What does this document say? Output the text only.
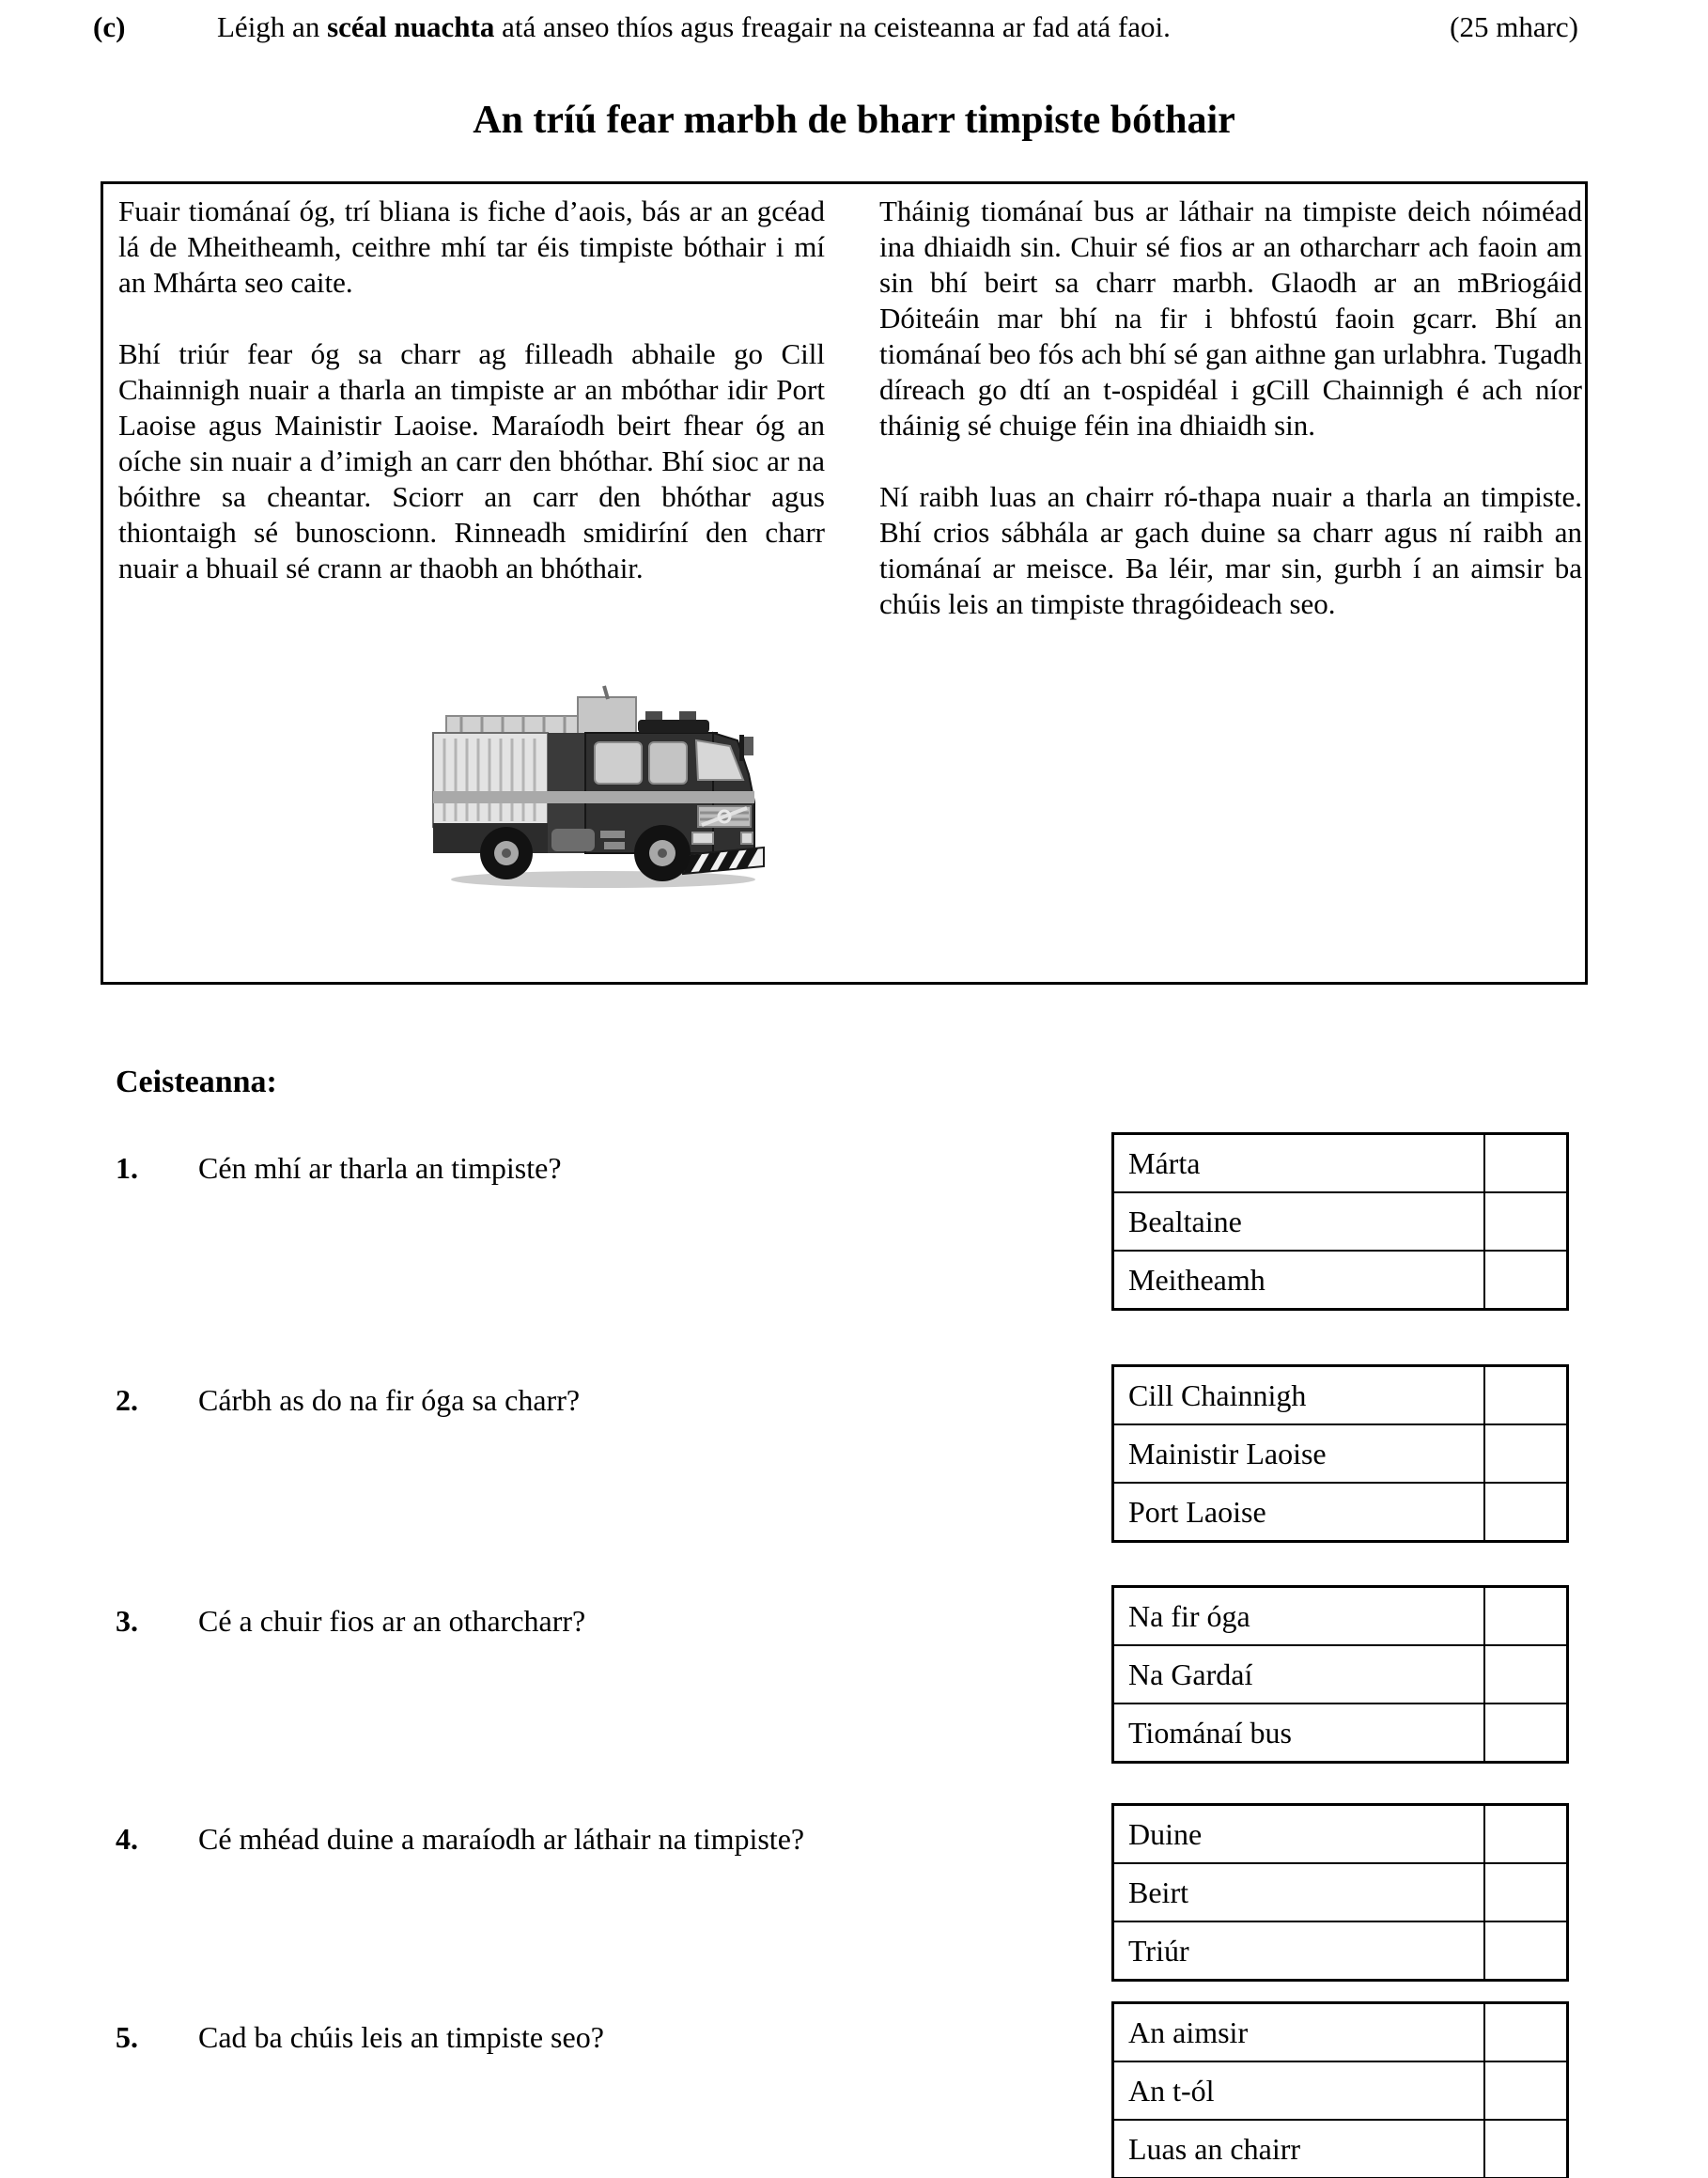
(c)	Léigh an scéal nuachta atá anseo thíos agus freagair na ceisteanna ar fad atá faoi.	(25 mharc)
An tríú fear marbh de bharr timpiste bóthair

Fuair tiománaí óg, trí bliana is fiche d’aois, bás ar an gcéad lá de Mheitheamh, ceithre mhí tar éis timpiste bóthair i mí an Mhárta seo caite.

Bhí triúr fear óg sa charr ag filleadh abhaile go Cill Chainnigh nuair a tharla an timpiste ar an mbóthar idir Port Laoise agus Mainistir Laoise. Maraíodh beirt fhear óg an oíche sin nuair a d’imigh an carr den bhóthar. Bhí sioc ar na bóithre sa cheantar. Sciorr an carr den bhóthar agus thiontaigh sé bunoscionn. Rinneadh smidiríní den charr nuair a bhuail sé crann ar thaobh an bhóthair.

Tháinig tiománaí bus ar láthair na timpiste deich nóiméad ina dhiaidh sin. Chuir sé fios ar an otharcharr ach faoin am sin bhí beirt sa charr marbh. Glaodh ar an mBriogáid Dóiteáin mar bhí na fir i bhfostú faoin gcarr. Bhí an tiománaí beo fós ach bhí sé gan aithne gan urlabhra. Tugadh díreach go dtí an t-ospidéal i gCill Chainnigh é ach níor tháinig sé chuige féin ina dhiaidh sin.

Ní raibh luas an chairr ró-thapa nuair a tharla an timpiste. Bhí crios sábhála ar gach duine sa charr agus ní raibh an tiománaí ar meisce. Ba léir, mar sin, gurbh í an aimsir ba chúis leis an timpiste thragóideach seo.

Ceisteanna:
1.	Cén mhí ar tharla an timpiste?	Márta
Bealtaine
Meitheamh
2.	Cárbh as do na fir óga sa charr?	Cill Chainnigh
Mainistir Laoise
Port Laoise
3.	Cé a chuir fios ar an otharcharr?	Na fir óga
Na Gardaí
Tiománaí bus
4.	Cé mhéad duine a maraíodh ar láthair na timpiste?	Duine
Beirt
Triúr
5.	Cad ba chúis leis an timpiste seo?	An aimsir
An t-ól
Luas an chairr
